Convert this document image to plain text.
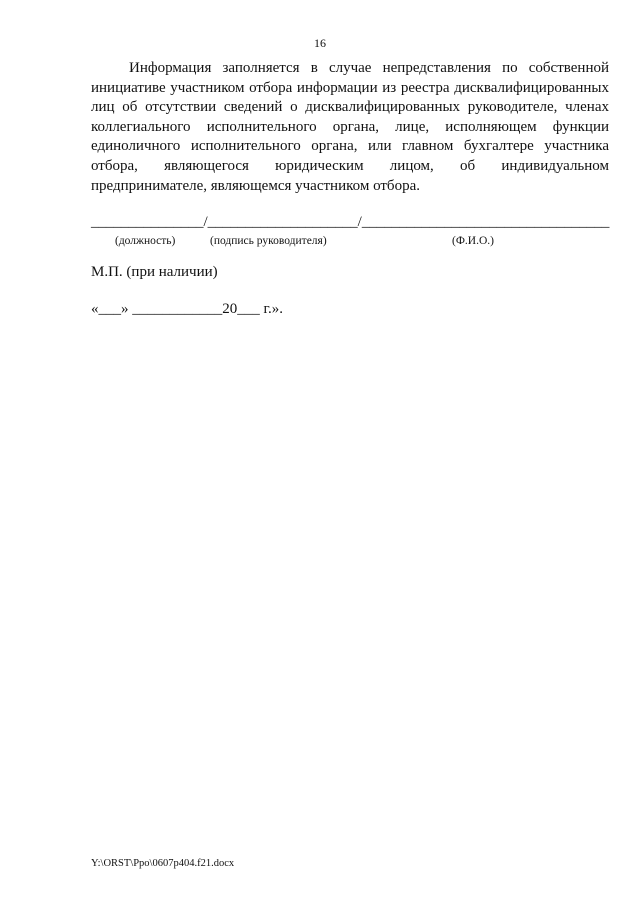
16

Информация заполняется в случае непредставления по собственной инициативе участником отбора информации из реестра дисквалифицированных лиц об отсутствии сведений о дисквалифицированных руководителе, членах коллегиального исполнительного органа, лице, исполняющем функции единоличного исполнительного органа, или главном бухгалтере участника отбора, являющегося юридическим лицом, об индивидуальном предпринимателе, являющемся участником отбора.

_______________/____________________/_________________________________

(должность)	(подпись руководителя)	(Ф.И.О.)

М.П. (при наличии)

«___» ____________20___ г.».

Y:\ORST\Ppo\0607p404.f21.docx
